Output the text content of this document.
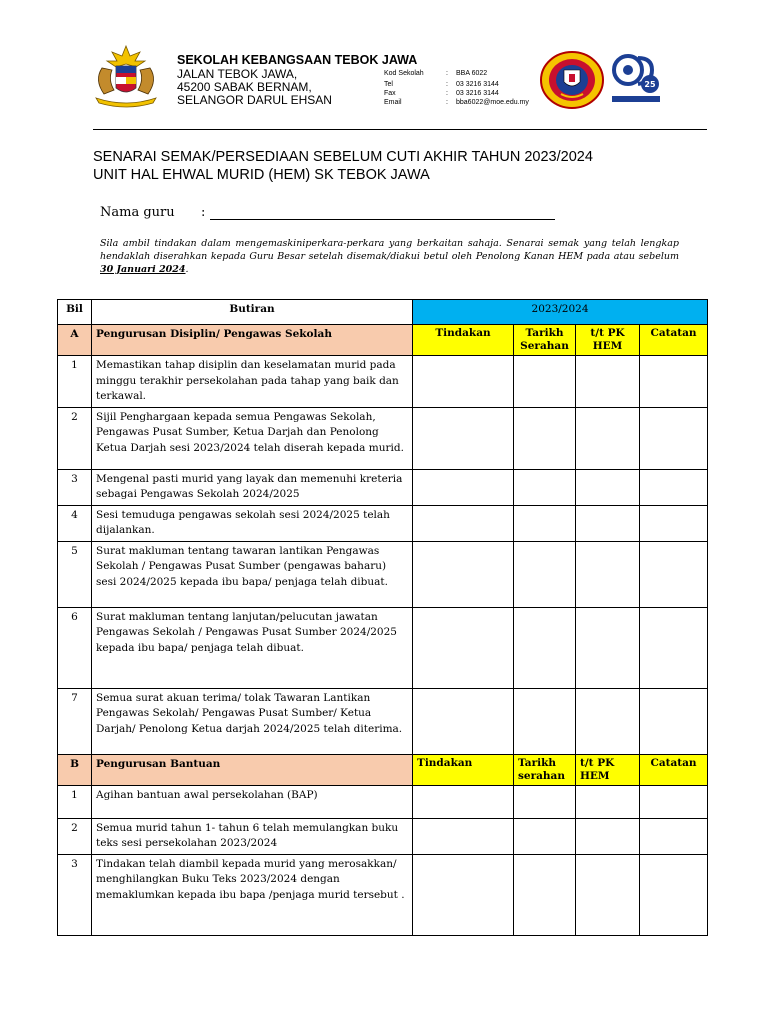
SEKOLAH KEBANGSAAN TEBOK JAWA
JALAN TEBOK JAWA,
45200 SABAK BERNAM,
SELANGOR DARUL EHSAN
Kod Sekolah	: BBA 6022
Tel	: 03 3216 3144
Fax	: 03 3216 3144
Email	: bba6022@moe.edu.my
25
SENARAI SEMAK/PERSEDIAAN SEBELUM CUTI AKHIR TAHUN 2023/2024
UNIT HAL EHWAL MURID (HEM) SK TEBOK JAWA
Nama guru :
Sila ambil tindakan dalam mengemaskiniperkara-perkara yang berkaitan sahaja. Senarai semak yang telah lengkap hendaklah diserahkan kepada Guru Besar setelah disemak/diakui betul oleh Penolong Kanan HEM pada atau sebelum 30 Januari 2024.
Bil	Butiran	2023/2024			
A	Pengurusan Disiplin/ Pengawas Sekolah	Tindakan	Tarikh Serahan	t/t PK HEM	Catatan
1	Memastikan tahap disiplin dan keselamatan murid pada minggu terakhir persekolahan pada tahap yang baik dan terkawal.				
2	Sijil Penghargaan kepada semua Pengawas Sekolah, Pengawas Pusat Sumber, Ketua Darjah dan Penolong Ketua Darjah sesi 2023/2024 telah diserah kepada murid.				
3	Mengenal pasti murid yang layak dan memenuhi kreteria sebagai Pengawas Sekolah 2024/2025				
4	Sesi temuduga pengawas sekolah sesi 2024/2025 telah dijalankan.				
5	Surat makluman tentang tawaran lantikan Pengawas Sekolah / Pengawas Pusat Sumber (pengawas baharu) sesi 2024/2025 kepada ibu bapa/ penjaga telah dibuat.				
6	Surat makluman tentang lanjutan/pelucutan jawatan Pengawas Sekolah / Pengawas Pusat Sumber 2024/2025 kepada ibu bapa/ penjaga telah dibuat.				
7	Semua surat akuan terima/ tolak Tawaran Lantikan Pengawas Sekolah/ Pengawas Pusat Sumber/ Ketua Darjah/ Penolong Ketua darjah 2024/2025 telah diterima.				
B	Pengurusan Bantuan	Tindakan	Tarikh serahan	t/t PK HEM	Catatan
1	Agihan bantuan awal persekolahan (BAP)				
2	Semua murid tahun 1- tahun 6 telah memulangkan buku teks sesi persekolahan 2023/2024				
3	Tindakan telah diambil kepada murid yang merosakkan/ menghilangkan Buku Teks 2023/2024 dengan memaklumkan kepada ibu bapa /penjaga murid tersebut .				
